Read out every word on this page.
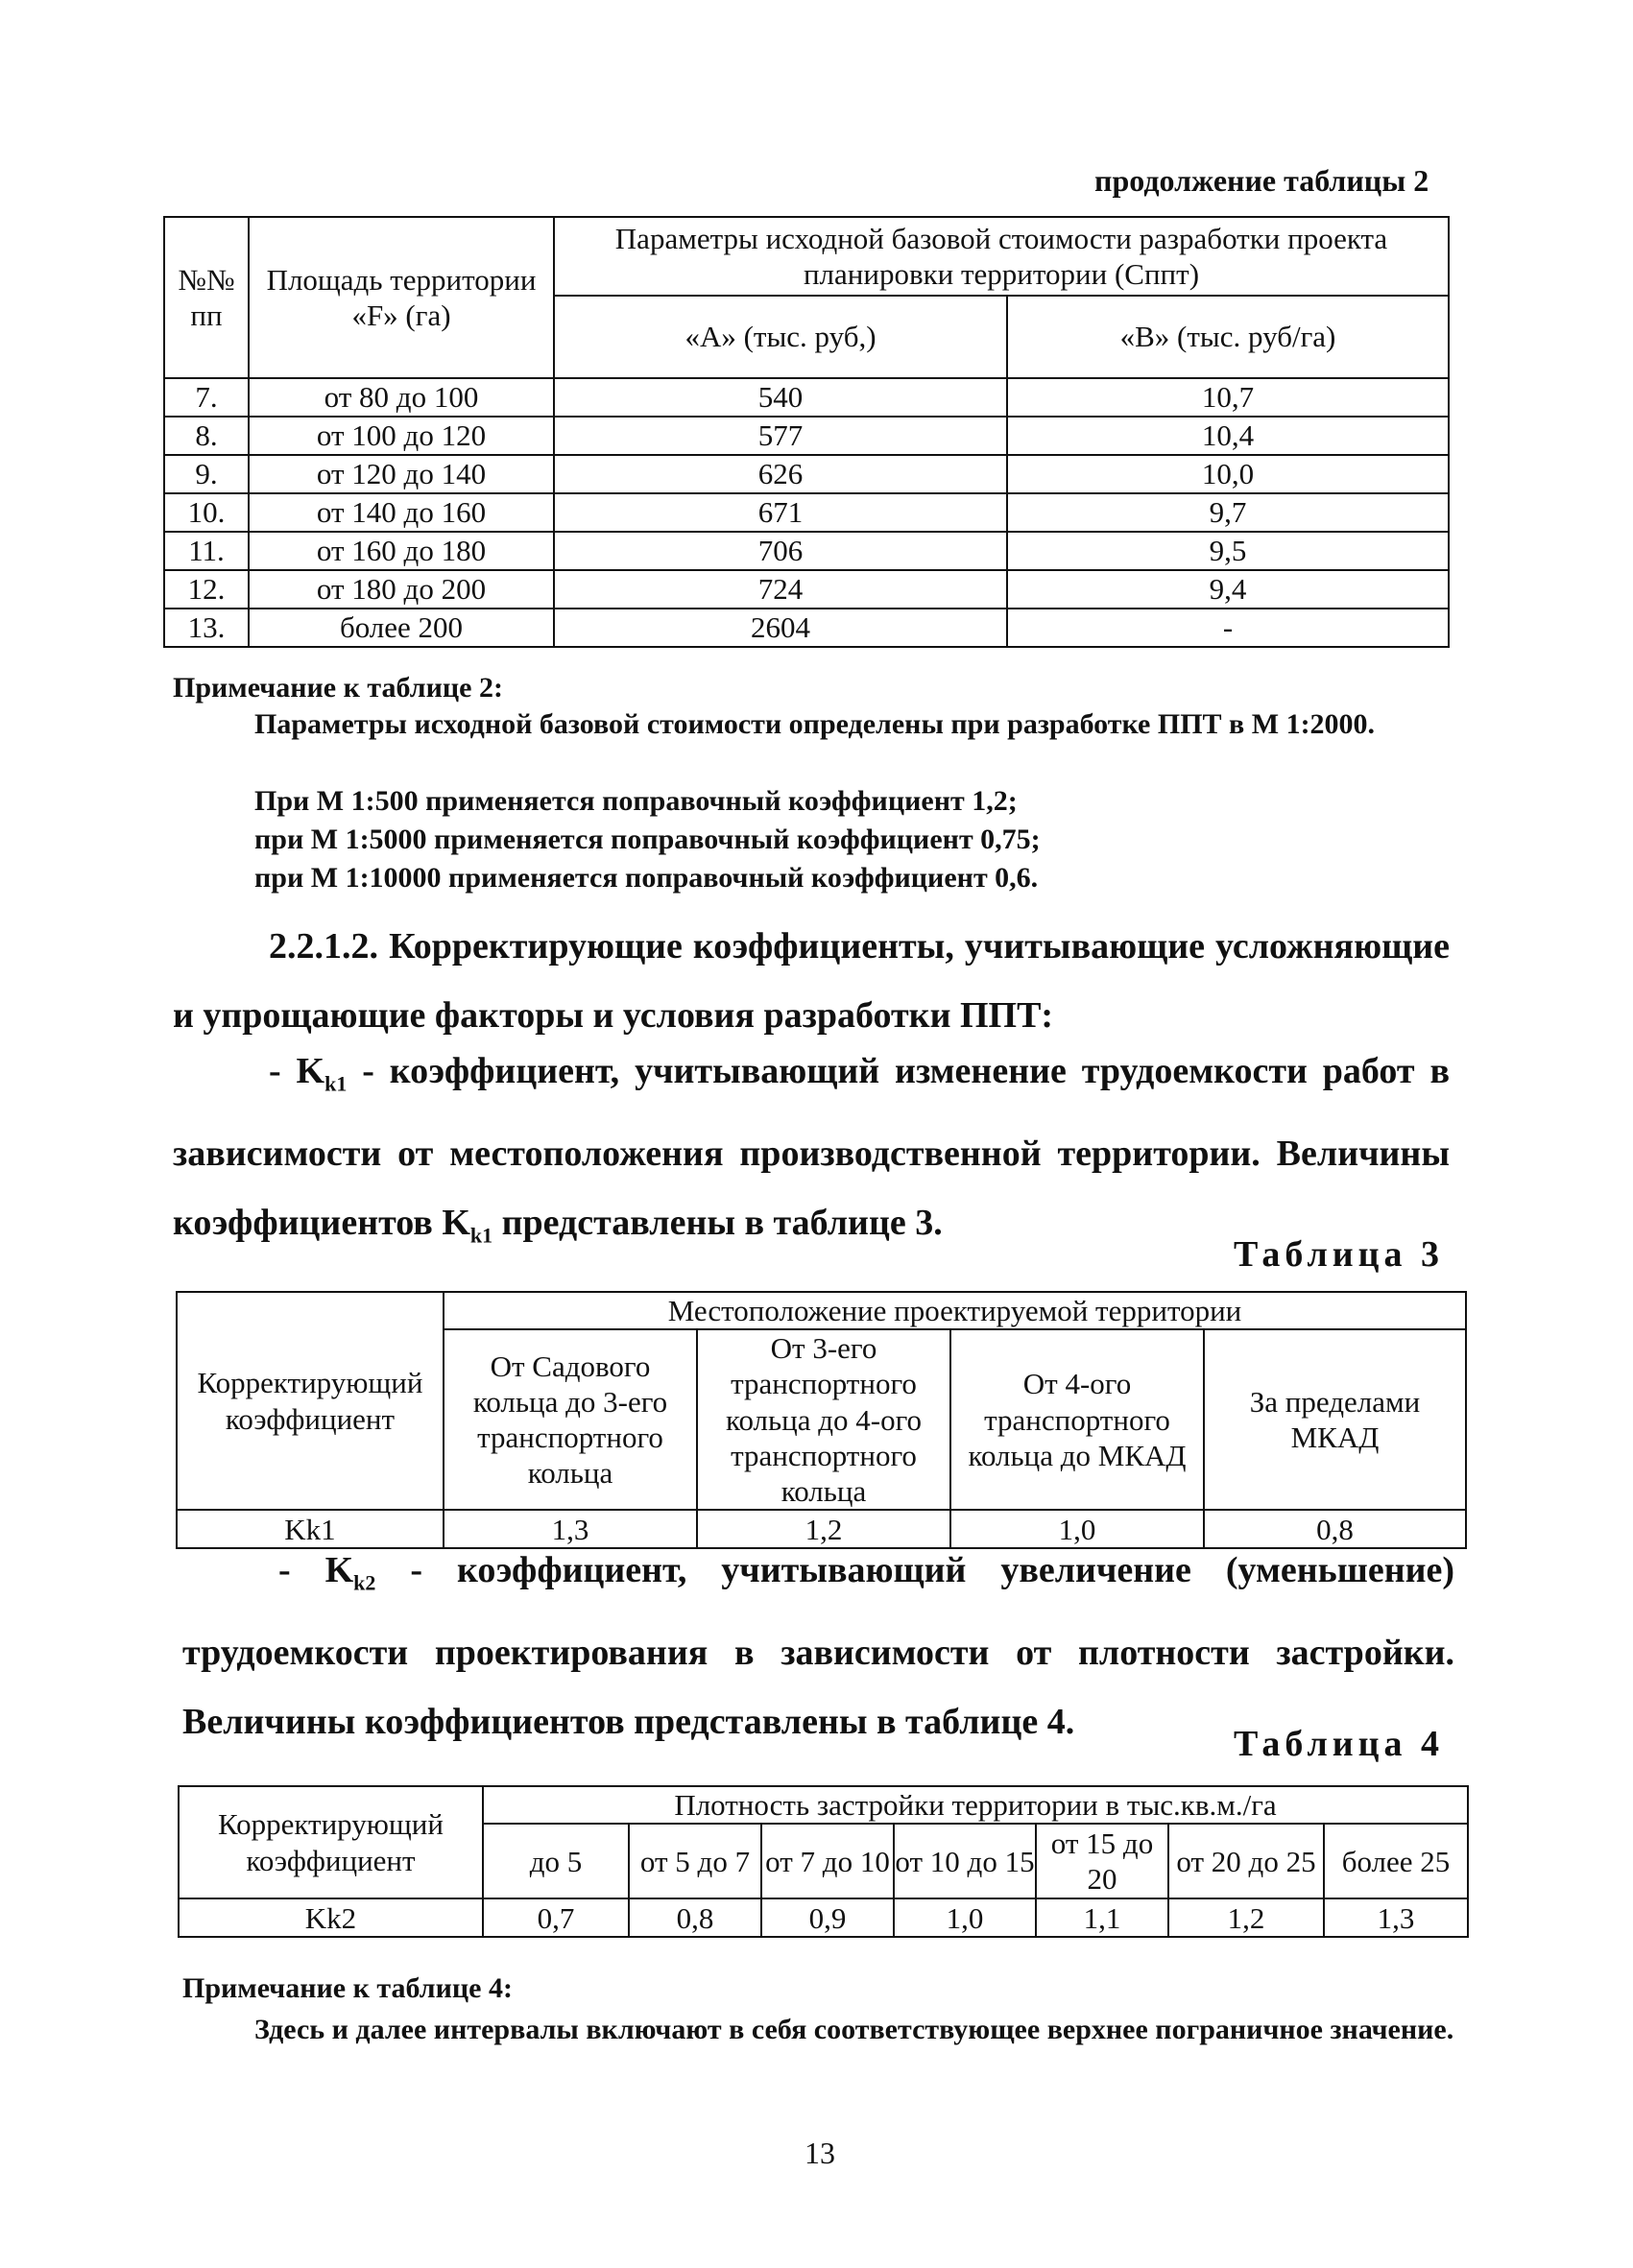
продолжение таблицы 2
№№ пп	Площадь территории «F» (га)	Параметры исходной базовой стоимости разработки проекта планировки территории (Сппт)	
		«А» (тыс. руб,)	«В» (тыс. руб/га)
7.	от 80 до 100	540	10,7
8.	от 100 до 120	577	10,4
9.	от 120 до 140	626	10,0
10.	от 140 до 160	671	9,7
11.	от 160 до 180	706	9,5
12.	от 180 до 200	724	9,4
13.	более 200	2604	-
Примечание к таблице 2:
Параметры исходной базовой стоимости определены при разработке ППТ в М 1:2000.
При М 1:500 применяется поправочный коэффициент 1,2;
при М 1:5000 применяется поправочный коэффициент 0,75;
при М 1:10000 применяется поправочный коэффициент 0,6.
2.2.1.2. Корректирующие коэффициенты, учитывающие усложняющие и упрощающие факторы и условия разработки ППТ:
- $K_{k1}$ - коэффициент, учитывающий изменение трудоемкости работ в зависимости от местоположения производственной территории. Величины коэффициентов $K_{k1}$ представлены в таблице 3.
Таблица 3
Корректирующий коэффициент	Местоположение проектируемой территории			
	От Садового кольца до 3-его транспортного кольца	От 3-его транспортного кольца до 4-ого транспортного кольца	От 4-ого транспортного кольца до МКАД	За пределами МКАД
Kk1	1,3	1,2	1,0	0,8
- $K_{k2}$ - коэффициент, учитывающий увеличение (уменьшение) трудоемкости проектирования в зависимости от плотности застройки. Величины коэффициентов представлены в таблице 4.
Таблица 4
Корректирующий коэффициент	Плотность застройки территории в тыс.кв.м./га						
	до 5	от 5 до 7	от 7 до 10	от 10 до 15	от 15 до 20	от 20 до 25	более 25
Kk2	0,7	0,8	0,9	1,0	1,1	1,2	1,3
Примечание к таблице 4:
Здесь и далее интервалы включают в себя соответствующее верхнее пограничное значение.
13
